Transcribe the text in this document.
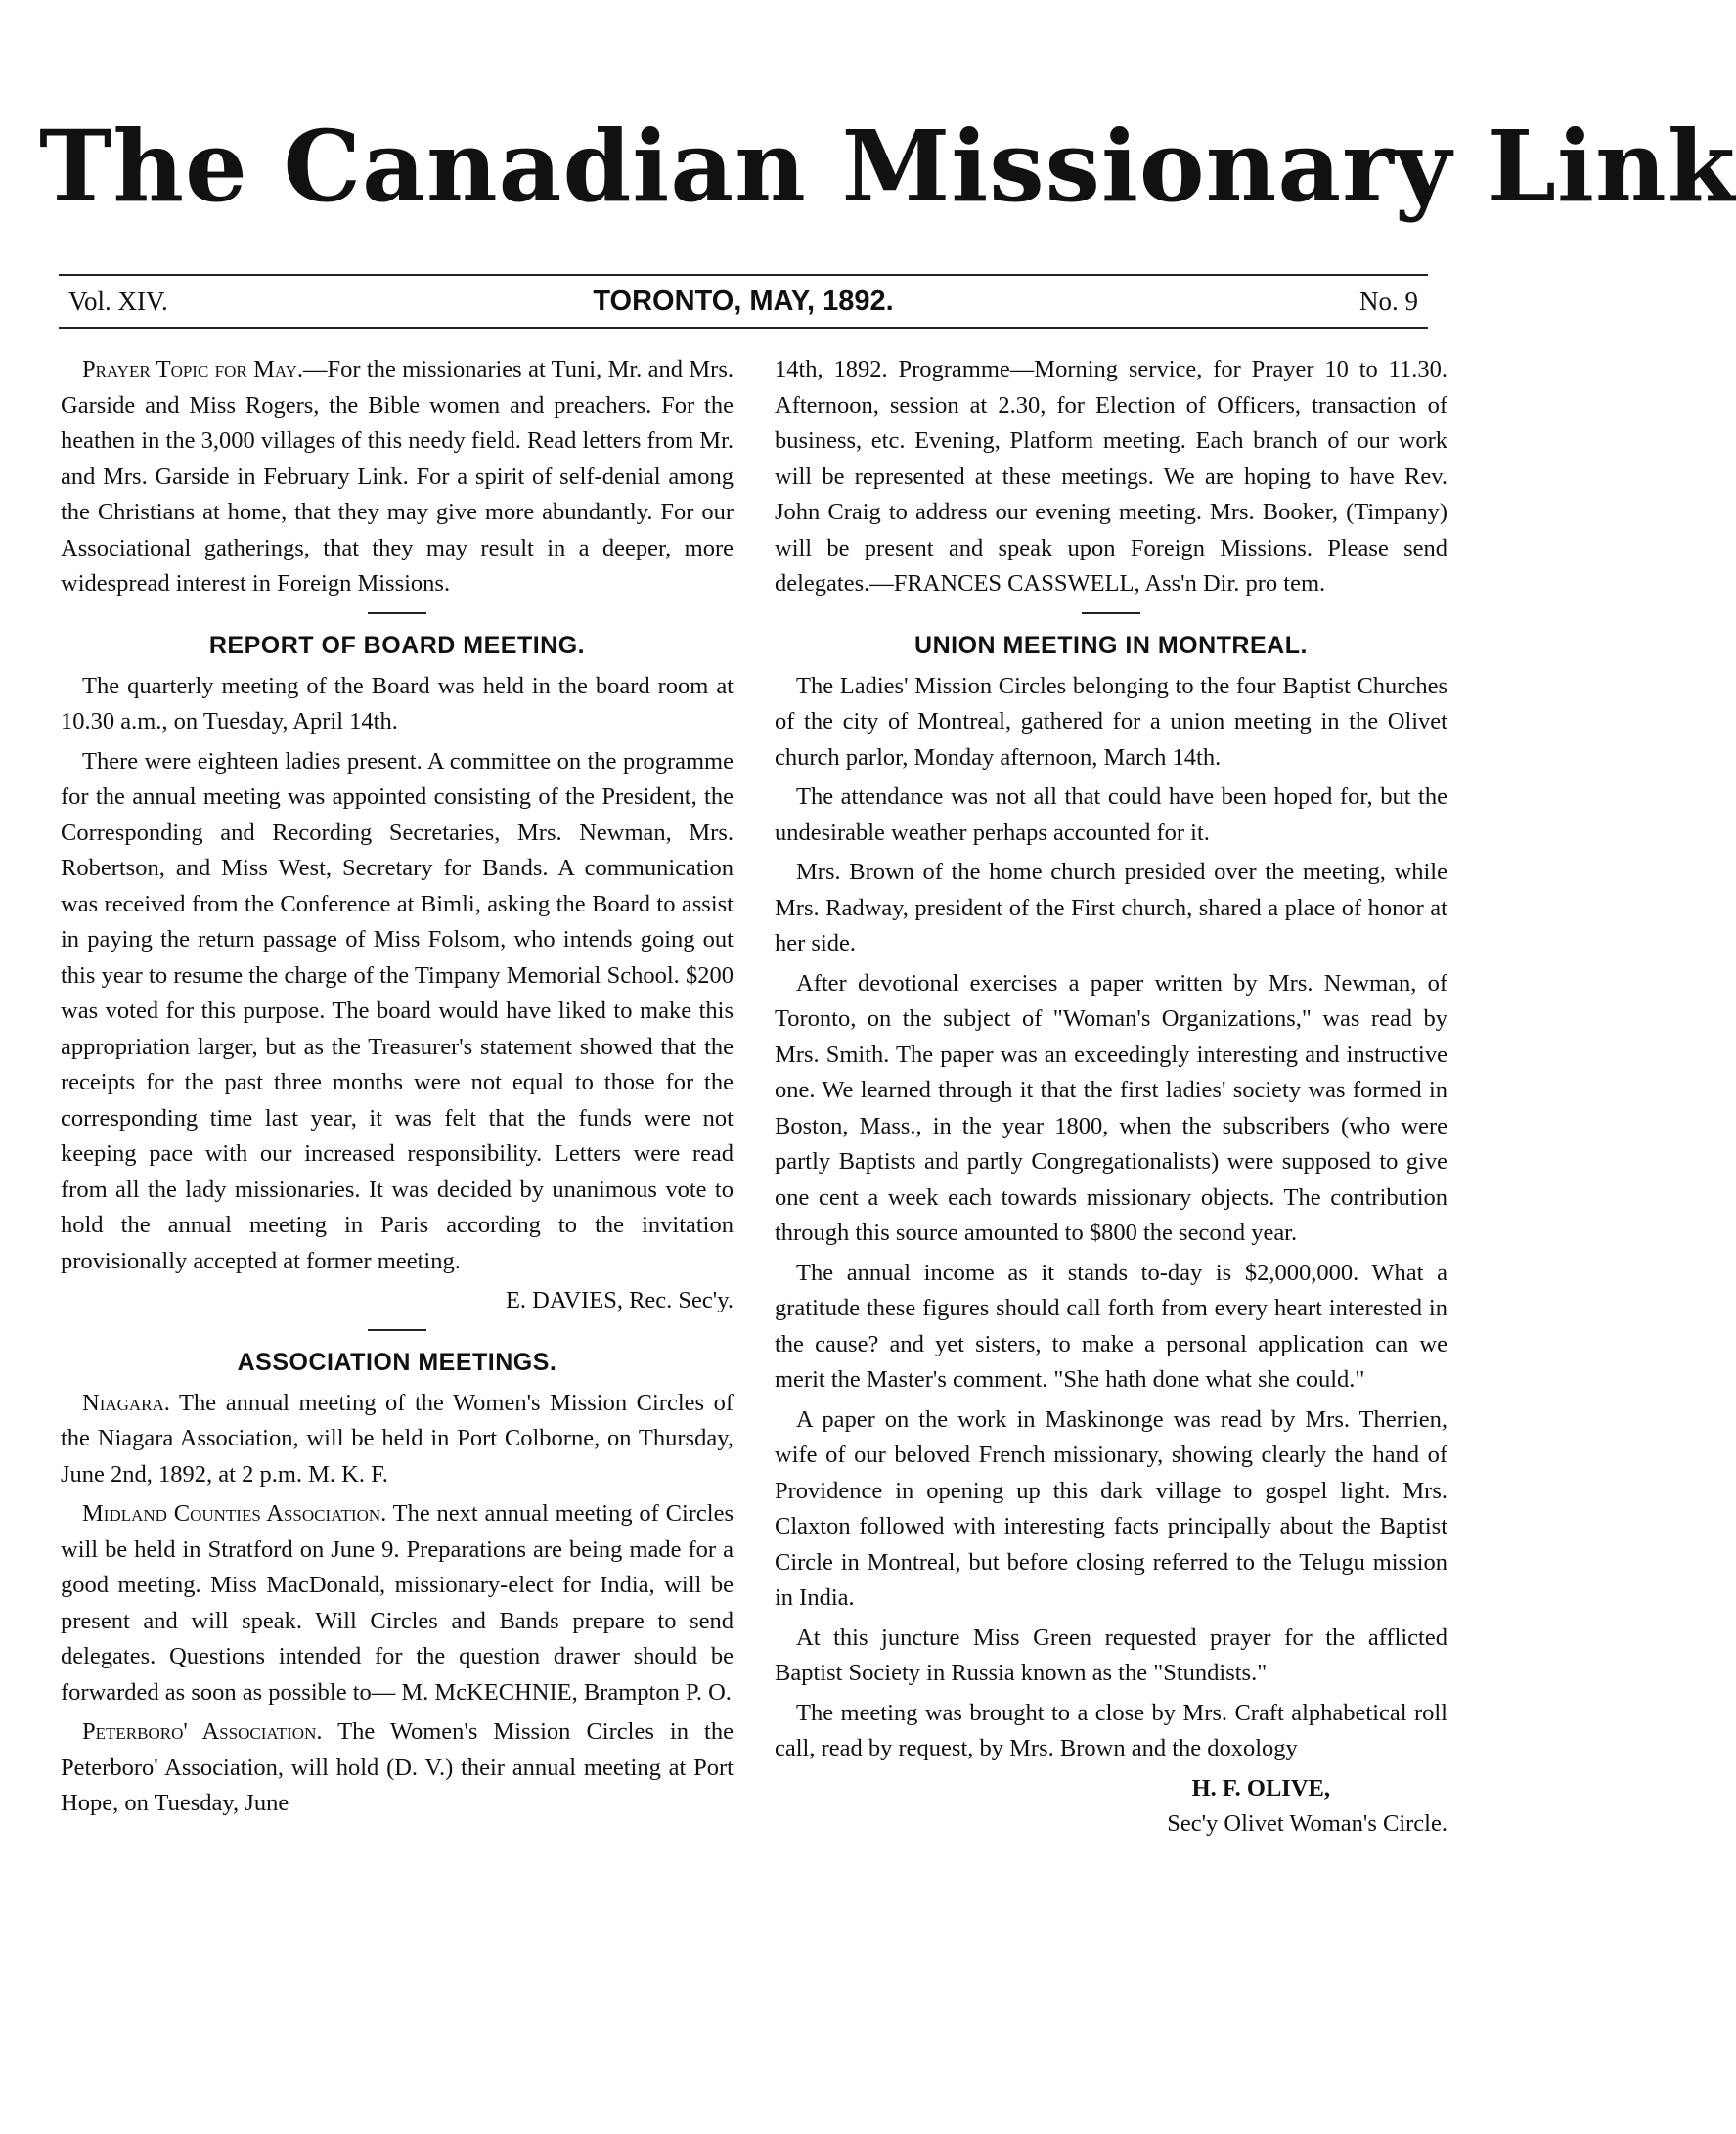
The Canadian Missionary Link
Vol. XIV.	TORONTO, MAY, 1892.	No. 9

Prayer Topic for May.—For the missionaries at Tuni, Mr. and Mrs. Garside and Miss Rogers, the Bible women and preachers. For the heathen in the 3,000 villages of this needy field. Read letters from Mr. and Mrs. Garside in February Link. For a spirit of self-denial among the Christians at home, that they may give more abundantly. For our Associational gatherings, that they may result in a deeper, more widespread interest in Foreign Missions.

REPORT OF BOARD MEETING.

The quarterly meeting of the Board was held in the board room at 10.30 a.m., on Tuesday, April 14th.

There were eighteen ladies present. A committee on the programme for the annual meeting was appointed consisting of the President, the Corresponding and Recording Secretaries, Mrs. Newman, Mrs. Robertson, and Miss West, Secretary for Bands. A communication was received from the Conference at Bimli, asking the Board to assist in paying the return passage of Miss Folsom, who intends going out this year to resume the charge of the Timpany Memorial School. $200 was voted for this purpose. The board would have liked to make this appropriation larger, but as the Treasurer's statement showed that the receipts for the past three months were not equal to those for the corresponding time last year, it was felt that the funds were not keeping pace with our increased responsibility. Letters were read from all the lady missionaries. It was decided by unanimous vote to hold the annual meeting in Paris according to the invitation provisionally accepted at former meeting.

E. DAVIES, Rec. Sec'y.
ASSOCIATION MEETINGS.

Niagara. The annual meeting of the Women's Mission Circles of the Niagara Association, will be held in Port Colborne, on Thursday, June 2nd, 1892, at 2 p.m. M. K. F.

Midland Counties Association. The next annual meeting of Circles will be held in Stratford on June 9. Preparations are being made for a good meeting. Miss MacDonald, missionary-elect for India, will be present and will speak. Will Circles and Bands prepare to send delegates. Questions intended for the question drawer should be forwarded as soon as possible to— M. McKECHNIE, Brampton P. O.

Peterboro' Association. The Women's Mission Circles in the Peterboro' Association, will hold (D. V.) their annual meeting at Port Hope, on Tuesday, June

14th, 1892. Programme—Morning service, for Prayer 10 to 11.30. Afternoon, session at 2.30, for Election of Officers, transaction of business, etc. Evening, Platform meeting. Each branch of our work will be represented at these meetings. We are hoping to have Rev. John Craig to address our evening meeting. Mrs. Booker, (Timpany) will be present and speak upon Foreign Missions. Please send delegates.—FRANCES CASSWELL, Ass'n Dir. pro tem.

UNION MEETING IN MONTREAL.

The Ladies' Mission Circles belonging to the four Baptist Churches of the city of Montreal, gathered for a union meeting in the Olivet church parlor, Monday afternoon, March 14th.

The attendance was not all that could have been hoped for, but the undesirable weather perhaps accounted for it.

Mrs. Brown of the home church presided over the meeting, while Mrs. Radway, president of the First church, shared a place of honor at her side.

After devotional exercises a paper written by Mrs. Newman, of Toronto, on the subject of "Woman's Organizations," was read by Mrs. Smith. The paper was an exceedingly interesting and instructive one. We learned through it that the first ladies' society was formed in Boston, Mass., in the year 1800, when the subscribers (who were partly Baptists and partly Congregationalists) were supposed to give one cent a week each towards missionary objects. The contribution through this source amounted to $800 the second year.

The annual income as it stands to-day is $2,000,000. What a gratitude these figures should call forth from every heart interested in the cause? and yet sisters, to make a personal application can we merit the Master's comment. "She hath done what she could."

A paper on the work in Maskinonge was read by Mrs. Therrien, wife of our beloved French missionary, showing clearly the hand of Providence in opening up this dark village to gospel light. Mrs. Claxton followed with interesting facts principally about the Baptist Circle in Montreal, but before closing referred to the Telugu mission in India.

At this juncture Miss Green requested prayer for the afflicted Baptist Society in Russia known as the "Stundists."

The meeting was brought to a close by Mrs. Craft alphabetical roll call, read by request, by Mrs. Brown and the doxology

H. F. OLIVE,
Sec'y Olivet Woman's Circle.
